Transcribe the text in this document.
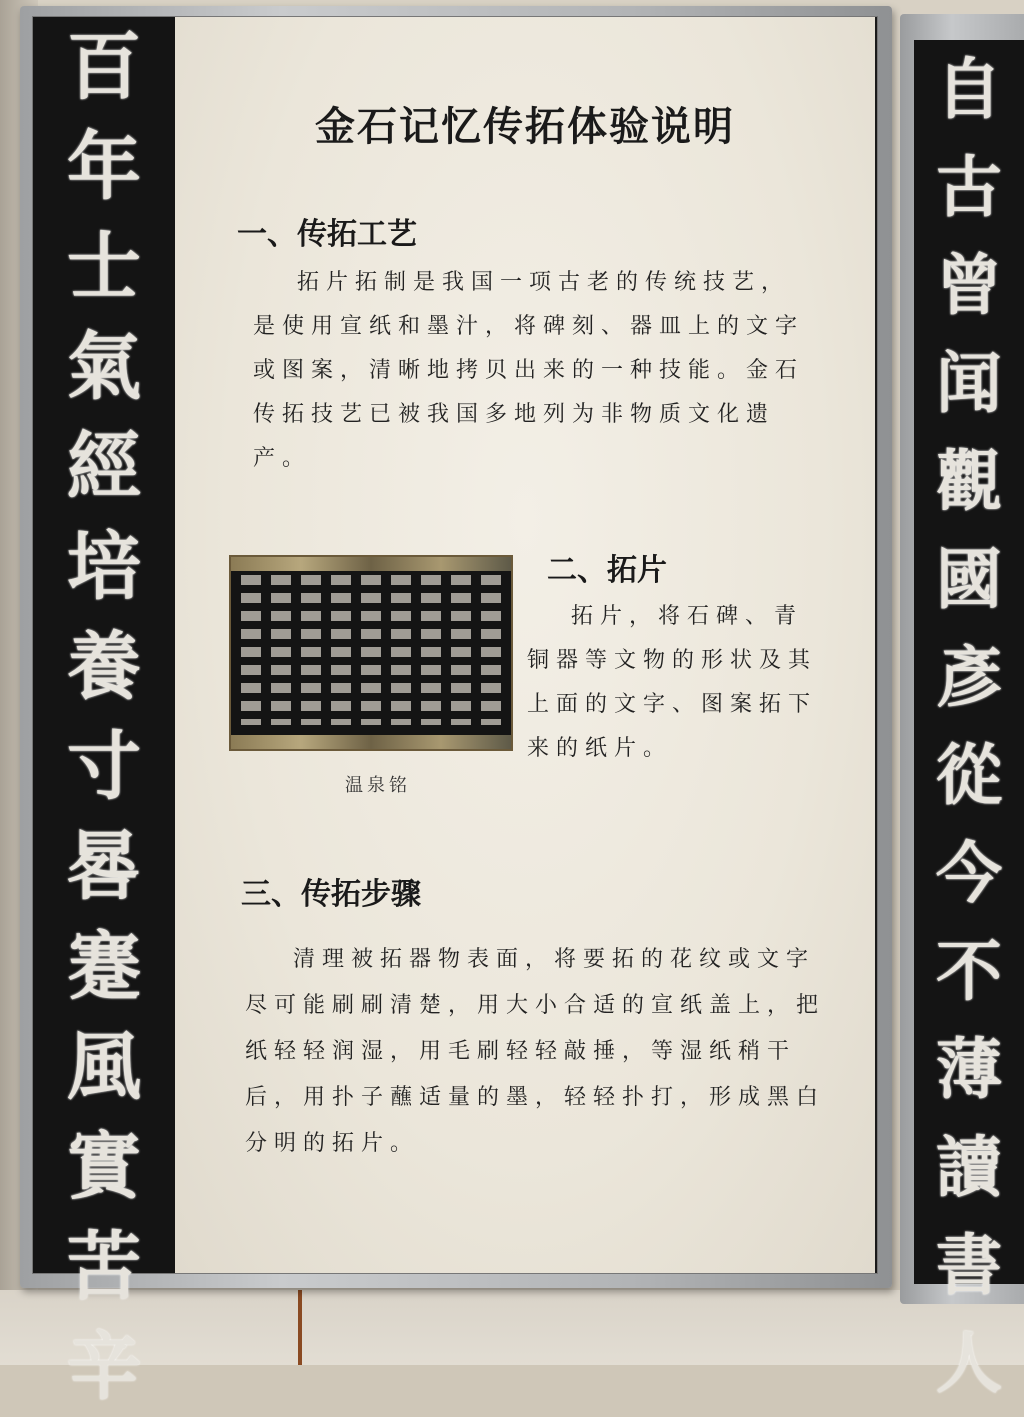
百
年
士
氣
經
培
養
寸
晷
蹇
風
實
苦
辛
金石记忆传拓体验说明
一、传拓工艺
拓片拓制是我国一项古老的传统技艺，是使用宣纸和墨汁，将碑刻、器皿上的文字或图案，清晰地拷贝出来的一种技能。金石传拓技艺已被我国多地列为非物质文化遗产。
温泉铭
二、拓片
拓片，将石碑、青铜器等文物的形状及其上面的文字、图案拓下来的纸片。
三、传拓步骤
清理被拓器物表面，将要拓的花纹或文字尽可能刷刷清楚，用大小合适的宣纸盖上，把纸轻轻润湿，用毛刷轻轻敲捶，等湿纸稍干后，用扑子蘸适量的墨，轻轻扑打，形成黑白分明的拓片。
自
古
曾
闻
觀
國
彥
從
今
不
薄
讀
書
人
